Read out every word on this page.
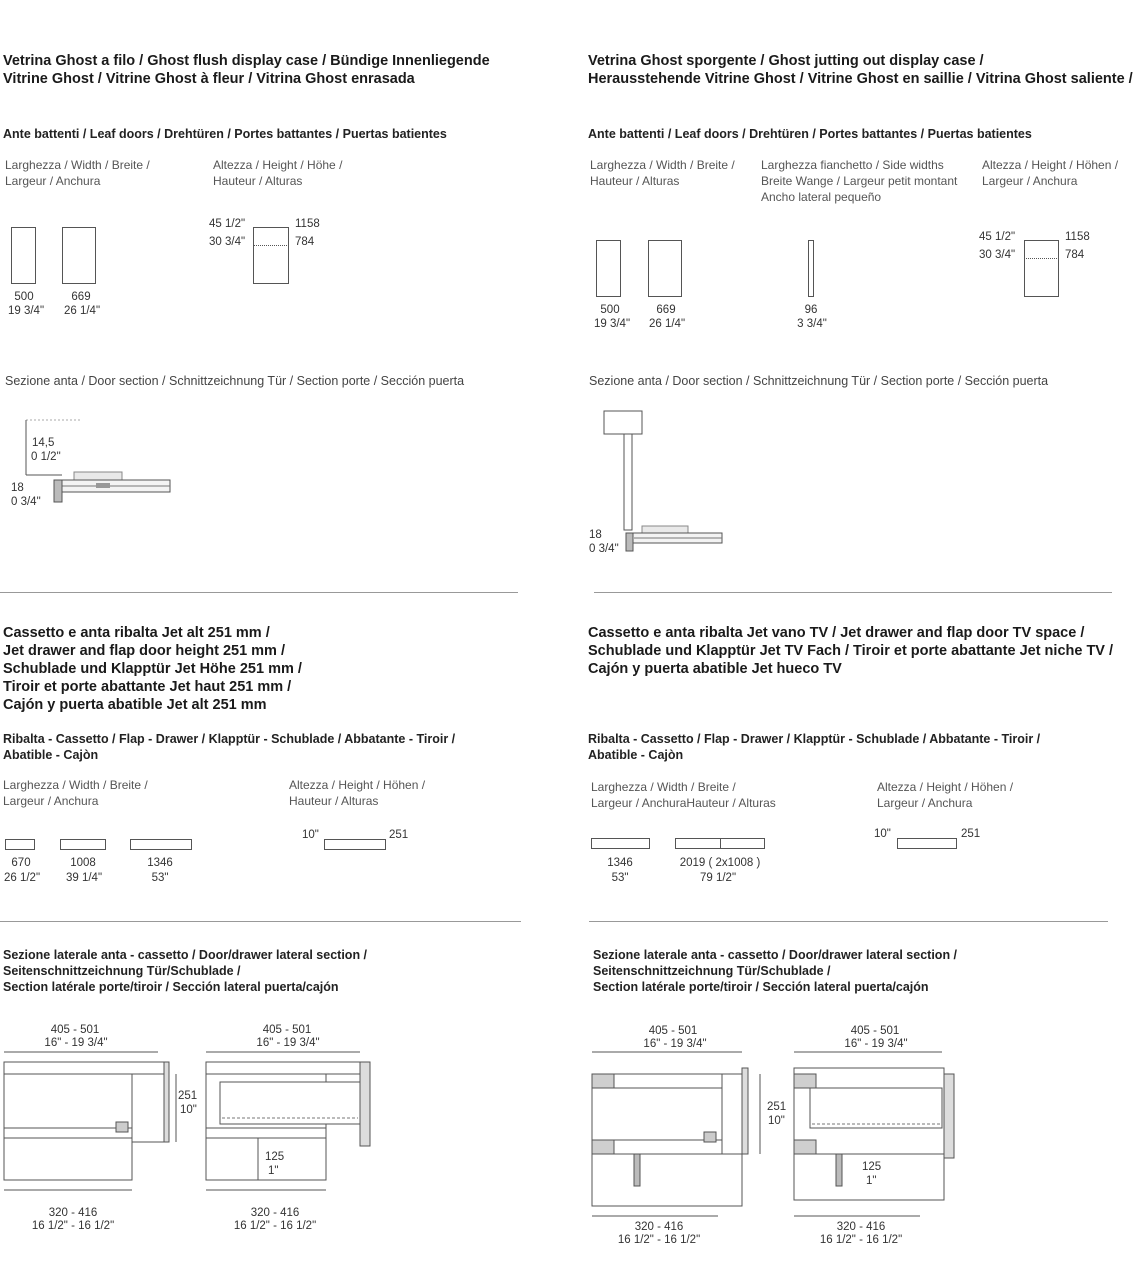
Vetrina Ghost a filo / Ghost flush display case / Bündige Innenliegende
Vitrine Ghost / Vitrine Ghost à fleur / Vitrina Ghost enrasada
Ante battenti / Leaf doors / Drehtüren / Portes battantes / Puertas batientes
Larghezza / Width / Breite /
Largeur / Anchura
Altezza / Height / Höhe /
Hauteur / Alturas
500
19 3/4"
669
26 1/4"
45 1/2"	1158
30 3/4"	784
Sezione anta / Door section / Schnittzeichnung Tür / Section porte / Sección puerta
14,5
0 1/2"
18
0 3/4"
Vetrina Ghost sporgente / Ghost jutting out display case /
Herausstehende Vitrine Ghost / Vitrine Ghost en saillie / Vitrina Ghost saliente /
Ante battenti / Leaf doors / Drehtüren / Portes battantes / Puertas batientes
Larghezza / Width / Breite /
Hauteur / Alturas
Larghezza fianchetto / Side widths
Breite Wange / Largeur petit montant
Ancho lateral pequeño
Altezza / Height / Höhen /
Largeur / Anchura
500
19 3/4"
669
26 1/4"
96
3 3/4"
45 1/2"	1158
30 3/4"	784
Sezione anta / Door section / Schnittzeichnung Tür / Section porte / Sección puerta
18
0 3/4"
Cassetto e anta ribalta Jet alt 251 mm /
Jet drawer and flap door height 251 mm /
Schublade und Klapptür Jet Höhe 251 mm /
Tiroir et porte abattante Jet haut 251 mm /
Cajón y puerta abatible Jet alt 251 mm
Ribalta - Cassetto / Flap - Drawer / Klapptür - Schublade / Abbatante - Tiroir /
Abatible - Cajòn
Larghezza / Width / Breite /
Largeur / Anchura
Altezza / Height / Höhen /
Hauteur / Alturas
670
26 1/2"
1008
39 1/4"
1346
53"
10"	251
Cassetto e anta ribalta Jet vano TV / Jet drawer and flap door TV space /
Schublade und Klapptür Jet TV Fach / Tiroir et porte abattante Jet niche TV /
Cajón y puerta abatible Jet hueco TV
Ribalta - Cassetto / Flap - Drawer / Klapptür - Schublade / Abbatante - Tiroir /
Abatible - Cajòn
Larghezza / Width / Breite /
Largeur / AnchuraHauteur / Alturas
Altezza / Height / Höhen /
Largeur / Anchura
1346
53"
2019 ( 2x1008 )
79 1/2"
10"	251
Sezione laterale anta - cassetto / Door/drawer lateral section /
Seitenschnittzeichnung Tür/Schublade /
Section latérale porte/tiroir / Sección lateral puerta/cajón
405 - 501
16" - 19 3/4"
405 - 501
16" - 19 3/4"
251
10"
125
1"
320 - 416
16 1/2" - 16 1/2"
320 - 416
16 1/2" - 16 1/2"
Sezione laterale anta - cassetto / Door/drawer lateral section /
Seitenschnittzeichnung Tür/Schublade /
Section latérale porte/tiroir / Sección lateral puerta/cajón
405 - 501
16" - 19 3/4"
405 - 501
16" - 19 3/4"
251
10"
125
1"
320 - 416
16 1/2" - 16 1/2"
320 - 416
16 1/2" - 16 1/2"
